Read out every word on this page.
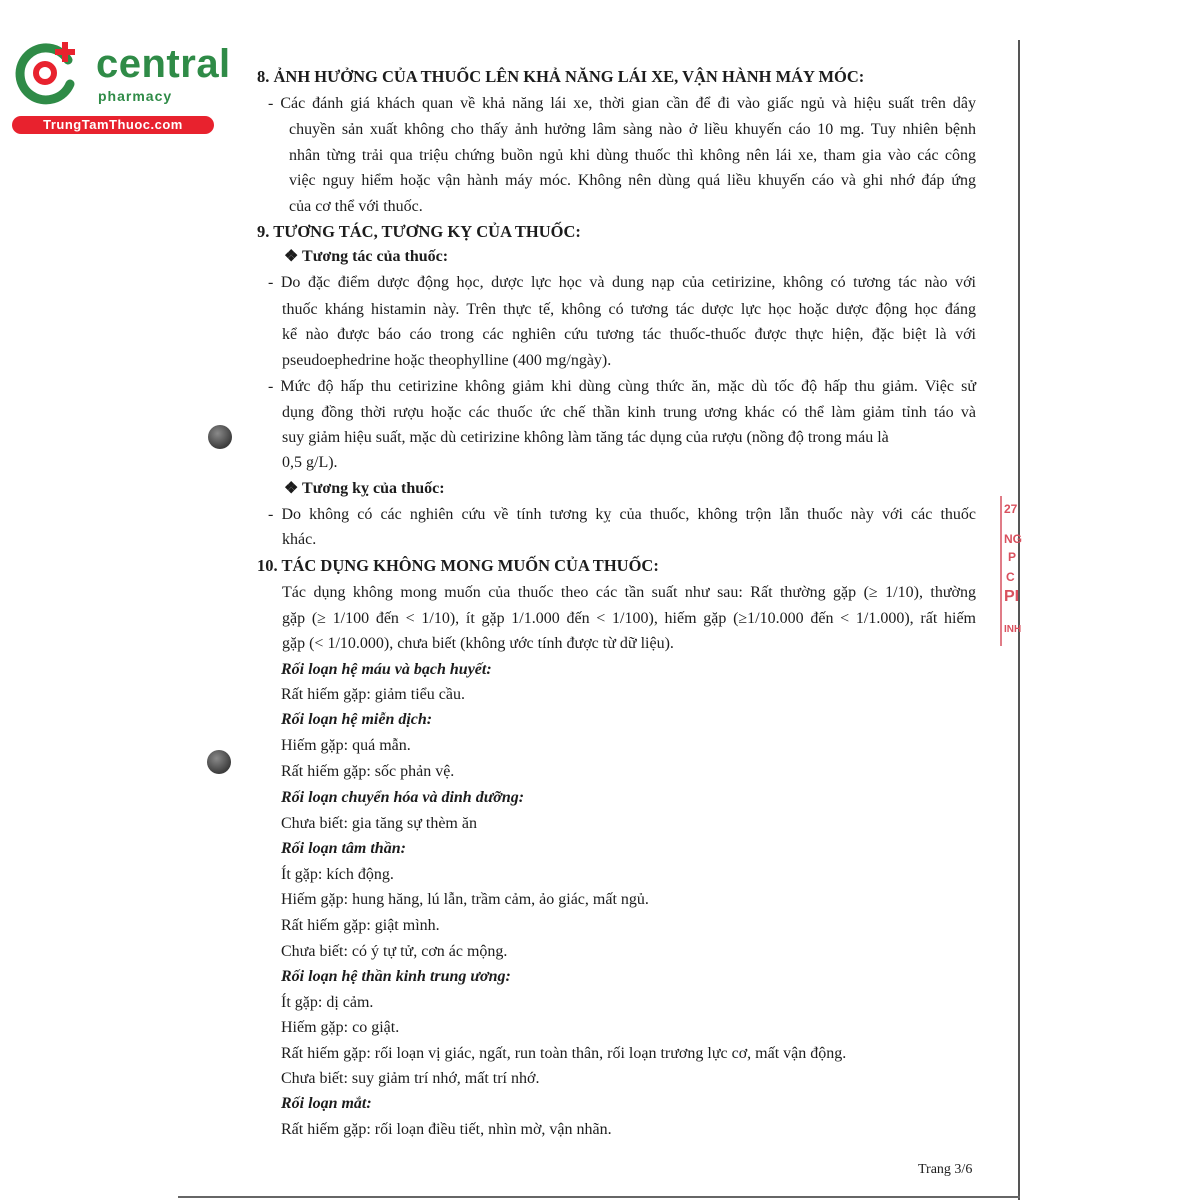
central
pharmacy
TrungTamThuoc.com
27
NG
P
C
PI
INH
8. ẢNH HƯỞNG CỦA THUỐC LÊN KHẢ NĂNG LÁI XE, VẬN HÀNH MÁY MÓC:
- Các đánh giá khách quan về khả năng lái xe, thời gian cần để đi vào giấc ngủ và hiệu suất trên dây
chuyền sản xuất không cho thấy ảnh hưởng lâm sàng nào ở liều khuyến cáo 10 mg. Tuy nhiên bệnh
nhân từng trải qua triệu chứng buồn ngủ khi dùng thuốc thì không nên lái xe, tham gia vào các công
việc nguy hiểm hoặc vận hành máy móc. Không nên dùng quá liều khuyến cáo và ghi nhớ đáp ứng
của cơ thể với thuốc.
9. TƯƠNG TÁC, TƯƠNG KỴ CỦA THUỐC:
❖ Tương tác của thuốc:
- Do đặc điểm dược động học, dược lực học và dung nạp của cetirizine, không có tương tác nào với
thuốc kháng histamin này. Trên thực tế, không có tương tác dược lực học hoặc dược động học đáng
kể nào được báo cáo trong các nghiên cứu tương tác thuốc-thuốc được thực hiện, đặc biệt là với
pseudoephedrine hoặc theophylline (400 mg/ngày).
- Mức độ hấp thu cetirizine không giảm khi dùng cùng thức ăn, mặc dù tốc độ hấp thu giảm. Việc sử
dụng đồng thời rượu hoặc các thuốc ức chế thần kinh trung ương khác có thể làm giảm tỉnh táo và
suy giảm hiệu suất, mặc dù cetirizine không làm tăng tác dụng của rượu (nồng độ trong máu là
0,5 g/L).
❖ Tương kỵ của thuốc:
- Do không có các nghiên cứu về tính tương kỵ của thuốc, không trộn lẫn thuốc này với các thuốc
khác.
10. TÁC DỤNG KHÔNG MONG MUỐN CỦA THUỐC:
Tác dụng không mong muốn của thuốc theo các tần suất như sau: Rất thường gặp (≥ 1/10), thường
gặp (≥ 1/100 đến < 1/10), ít gặp 1/1.000 đến < 1/100), hiếm gặp (≥1/10.000 đến < 1/1.000), rất hiếm
gặp (< 1/10.000), chưa biết (không ước tính được từ dữ liệu).
Rối loạn hệ máu và bạch huyết:
Rất hiếm gặp: giảm tiểu cầu.
Rối loạn hệ miễn dịch:
Hiếm gặp: quá mẫn.
Rất hiếm gặp: sốc phản vệ.
Rối loạn chuyển hóa và dinh dưỡng:
Chưa biết: gia tăng sự thèm ăn
Rối loạn tâm thần:
Ít gặp: kích động.
Hiếm gặp: hung hăng, lú lẫn, trầm cảm, ảo giác, mất ngủ.
Rất hiếm gặp: giật mình.
Chưa biết: có ý tự tử, cơn ác mộng.
Rối loạn hệ thần kinh trung ương:
Ít gặp: dị cảm.
Hiếm gặp: co giật.
Rất hiếm gặp: rối loạn vị giác, ngất, run toàn thân, rối loạn trương lực cơ, mất vận động.
Chưa biết: suy giảm trí nhớ, mất trí nhớ.
Rối loạn mắt:
Rất hiếm gặp: rối loạn điều tiết, nhìn mờ, vận nhãn.
Trang 3/6
